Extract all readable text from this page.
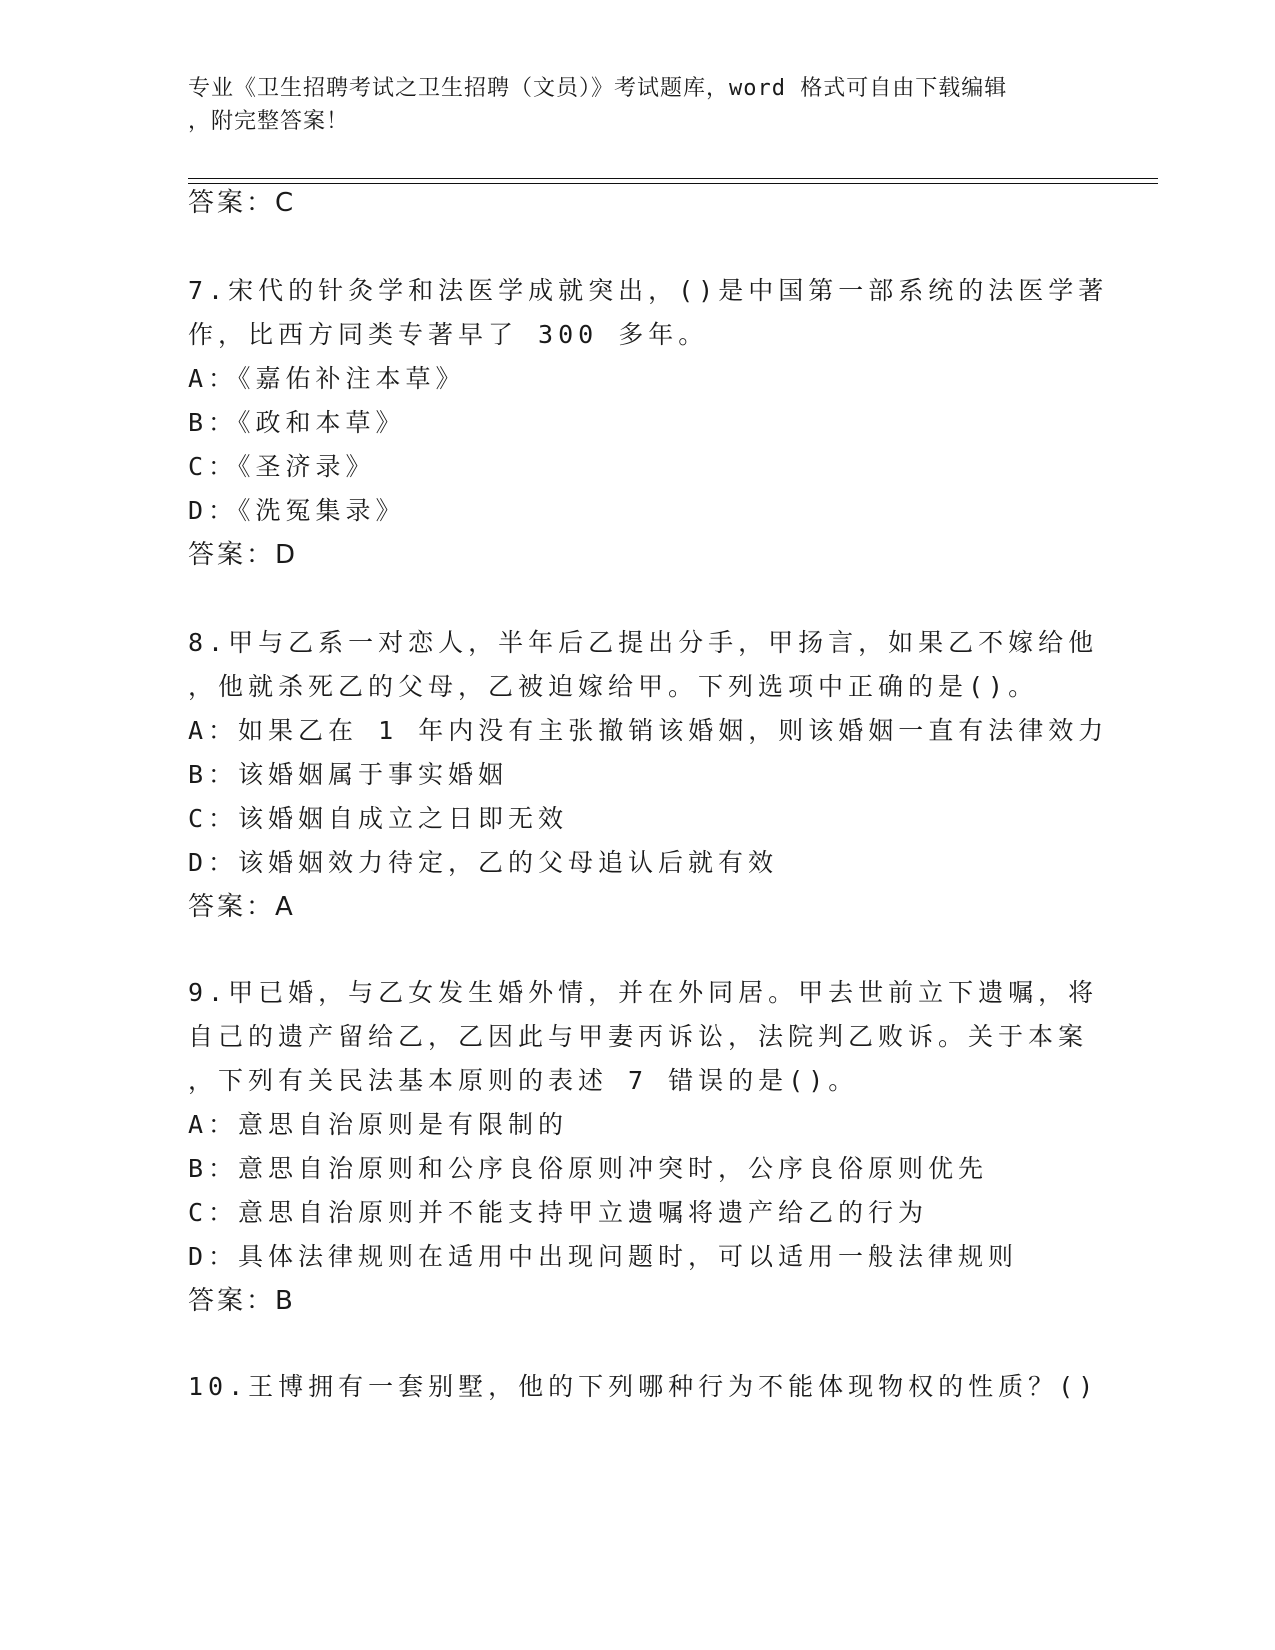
专业《卫生招聘考试之卫生招聘（文员）》考试题库，word 格式可自由下载编辑
，附完整答案！
答案：C
7.宋代的针灸学和法医学成就突出，()是中国第一部系统的法医学著
作，比西方同类专著早了 300 多年。
A：《嘉佑补注本草》
B：《政和本草》
C：《圣济录》
D：《洗冤集录》
答案：D
8.甲与乙系一对恋人，半年后乙提出分手，甲扬言，如果乙不嫁给他
，他就杀死乙的父母，乙被迫嫁给甲。下列选项中正确的是()。
A：如果乙在 1 年内没有主张撤销该婚姻，则该婚姻一直有法律效力
B：该婚姻属于事实婚姻
C：该婚姻自成立之日即无效
D：该婚姻效力待定，乙的父母追认后就有效
答案：A
9.甲已婚，与乙女发生婚外情，并在外同居。甲去世前立下遗嘱，将
自己的遗产留给乙，乙因此与甲妻丙诉讼，法院判乙败诉。关于本案
，下列有关民法基本原则的表述 7 错误的是()。
A：意思自治原则是有限制的
B：意思自治原则和公序良俗原则冲突时，公序良俗原则优先
C：意思自治原则并不能支持甲立遗嘱将遗产给乙的行为
D：具体法律规则在适用中出现问题时，可以适用一般法律规则
答案：B
10.王博拥有一套别墅，他的下列哪种行为不能体现物权的性质？()
